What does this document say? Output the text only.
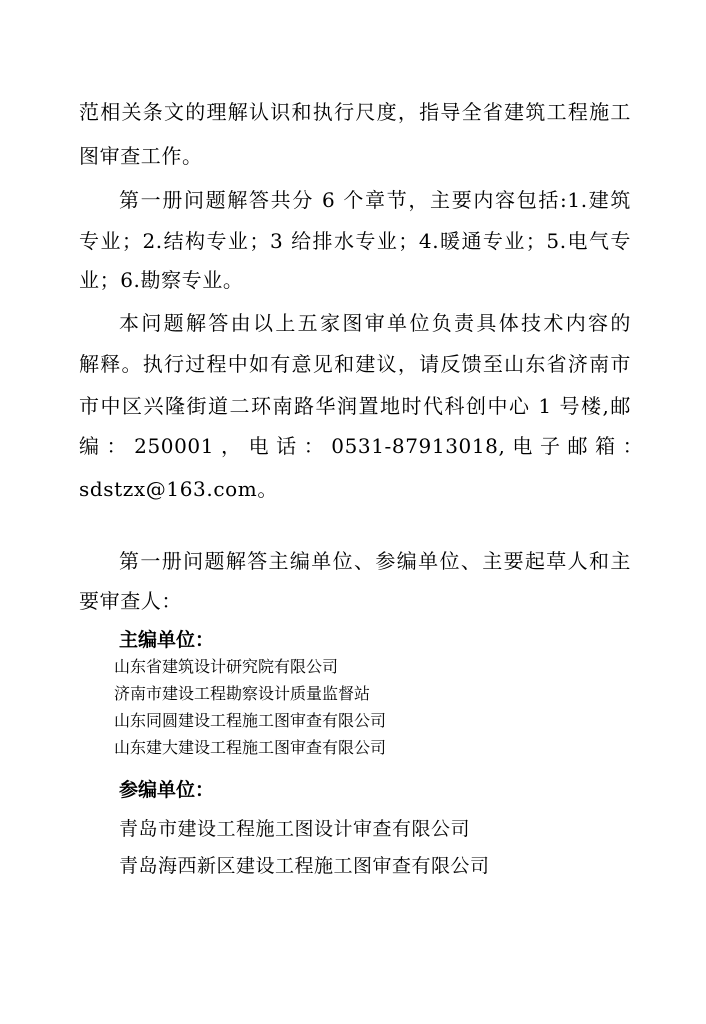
范相关条文的理解认识和执行尺度，指导全省建筑工程施工
图审查工作。
第一册问题解答共分 6 个章节，主要内容包括:1.建筑
专业；2.结构专业；3 给排水专业；4.暖通专业；5.电气专
业；6.勘察专业。
本问题解答由以上五家图审单位负责具体技术内容的
解释。执行过程中如有意见和建议，请反馈至山东省济南市
市中区兴隆街道二环南路华润置地时代科创中心 1 号楼,邮
编 ： 250001 ， 电 话 ： 0531-87913018, 电 子 邮 箱 ：
sdstzx@163.com。
第一册问题解答主编单位、参编单位、主要起草人和主
要审查人：
主编单位：
山东省建筑设计研究院有限公司
济南市建设工程勘察设计质量监督站
山东同圆建设工程施工图审查有限公司
山东建大建设工程施工图审查有限公司
参编单位：
青岛市建设工程施工图设计审查有限公司
青岛海西新区建设工程施工图审查有限公司
